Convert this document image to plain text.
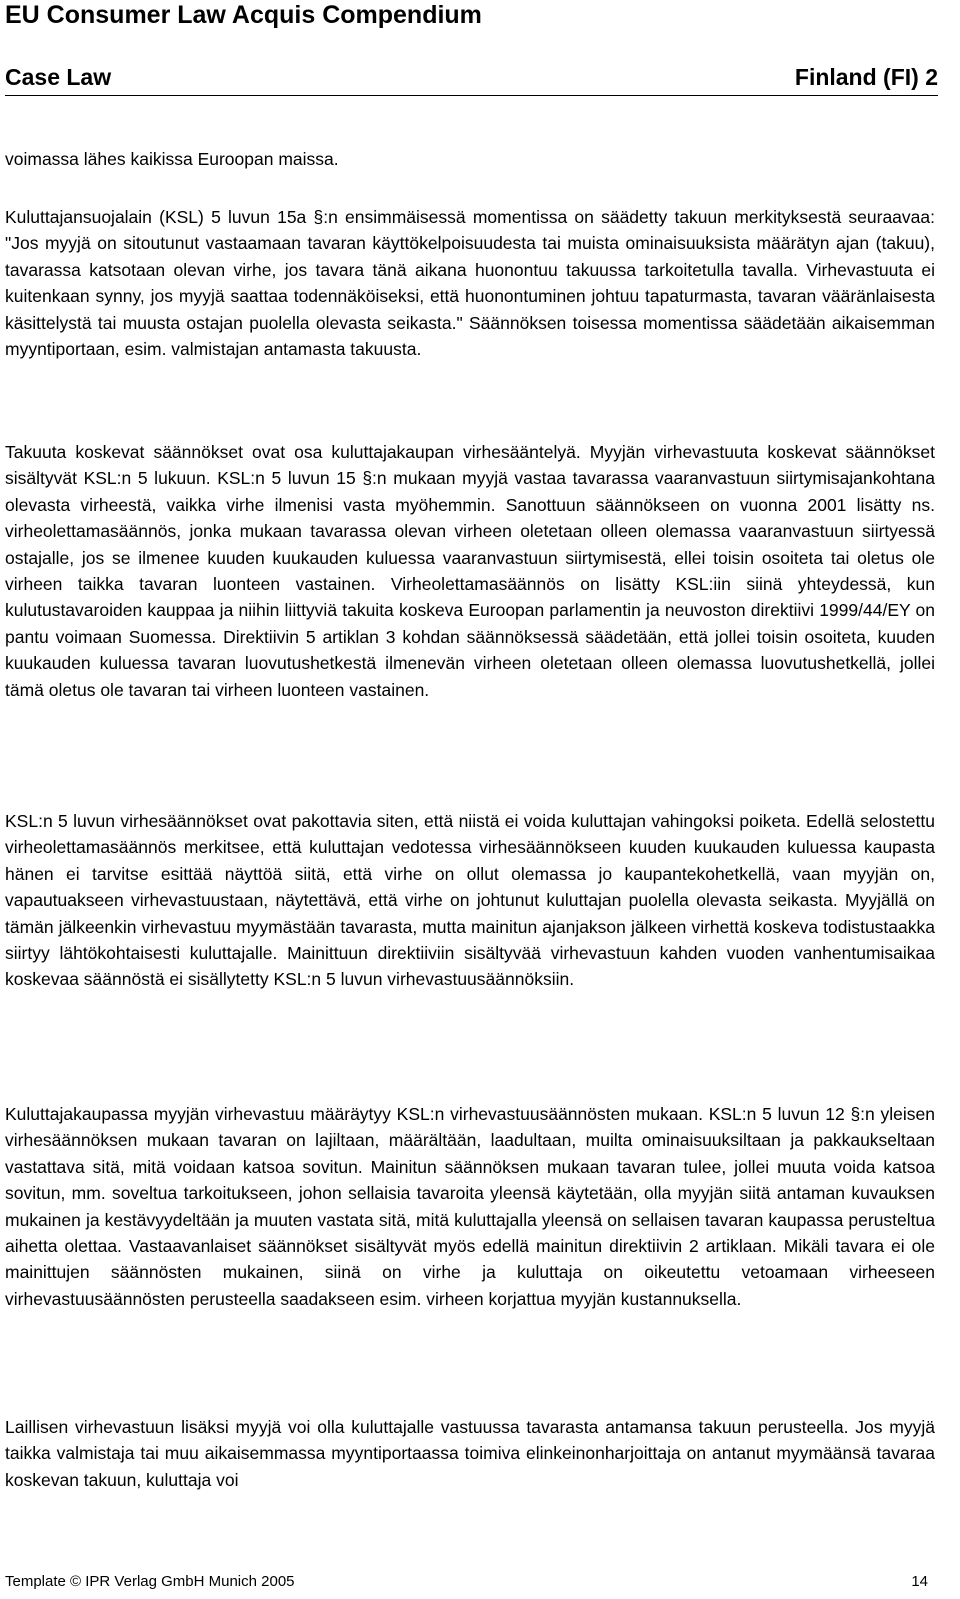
EU Consumer Law Acquis Compendium
Case Law	Finland (FI) 2

voimassa lähes kaikissa Euroopan maissa.

Kuluttajansuojalain (KSL) 5 luvun 15a §:n ensimmäisessä momentissa on säädetty takuun merkityksestä seuraavaa: "Jos myyjä on sitoutunut vastaamaan tavaran käyttökelpoisuudesta tai muista ominaisuuksista määrätyn ajan (takuu), tavarassa katsotaan olevan virhe, jos tavara tänä aikana huonontuu takuussa tarkoitetulla tavalla. Virhevastuuta ei kuitenkaan synny, jos myyjä saattaa todennäköiseksi, että huonontuminen johtuu tapaturmasta, tavaran vääränlaisesta käsittelystä tai muusta ostajan puolella olevasta seikasta." Säännöksen toisessa momentissa säädetään aikaisemman myyntiportaan, esim. valmistajan antamasta takuusta.

Takuuta koskevat säännökset ovat osa kuluttajakaupan virhesääntelyä. Myyjän virhevastuuta koskevat säännökset sisältyvät KSL:n 5 lukuun. KSL:n 5 luvun 15 §:n mukaan myyjä vastaa tavarassa vaaranvastuun siirtymisajankohtana olevasta virheestä, vaikka virhe ilmenisi vasta myöhemmin. Sanottuun säännökseen on vuonna 2001 lisätty ns. virheolettamasäännös, jonka mukaan tavarassa olevan virheen oletetaan olleen olemassa vaaranvastuun siirtyessä ostajalle, jos se ilmenee kuuden kuukauden kuluessa vaaranvastuun siirtymisestä, ellei toisin osoiteta tai oletus ole virheen taikka tavaran luonteen vastainen. Virheolettamasäännös on lisätty KSL:iin siinä yhteydessä, kun kulutustavaroiden kauppaa ja niihin liittyviä takuita koskeva Euroopan parlamentin ja neuvoston direktiivi 1999/44/EY on pantu voimaan Suomessa. Direktiivin 5 artiklan 3 kohdan säännöksessä säädetään, että jollei toisin osoiteta, kuuden kuukauden kuluessa tavaran luovutushetkestä ilmenevän virheen oletetaan olleen olemassa luovutushetkellä, jollei tämä oletus ole tavaran tai virheen luonteen vastainen.

KSL:n 5 luvun virhesäännökset ovat pakottavia siten, että niistä ei voida kuluttajan vahingoksi poiketa. Edellä selostettu virheolettamasäännös merkitsee, että kuluttajan vedotessa virhesäännökseen kuuden kuukauden kuluessa kaupasta hänen ei tarvitse esittää näyttöä siitä, että virhe on ollut olemassa jo kaupantekohetkellä, vaan myyjän on, vapautuakseen virhevastuustaan, näytettävä, että virhe on johtunut kuluttajan puolella olevasta seikasta. Myyjällä on tämän jälkeenkin virhevastuu myymästään tavarasta, mutta mainitun ajanjakson jälkeen virhettä koskeva todistustaakka siirtyy lähtökohtaisesti kuluttajalle. Mainittuun direktiiviin sisältyvää virhevastuun kahden vuoden vanhentumisaikaa koskevaa säännöstä ei sisällytetty KSL:n 5 luvun virhevastuusäännöksiin.

Kuluttajakaupassa myyjän virhevastuu määräytyy KSL:n virhevastuusäännösten mukaan. KSL:n 5 luvun 12 §:n yleisen virhesäännöksen mukaan tavaran on lajiltaan, määrältään, laadultaan, muilta ominaisuuksiltaan ja pakkaukseltaan vastattava sitä, mitä voidaan katsoa sovitun. Mainitun säännöksen mukaan tavaran tulee, jollei muuta voida katsoa sovitun, mm. soveltua tarkoitukseen, johon sellaisia tavaroita yleensä käytetään, olla myyjän siitä antaman kuvauksen mukainen ja kestävyydeltään ja muuten vastata sitä, mitä kuluttajalla yleensä on sellaisen tavaran kaupassa perusteltua aihetta olettaa. Vastaavanlaiset säännökset sisältyvät myös edellä mainitun direktiivin 2 artiklaan. Mikäli tavara ei ole mainittujen säännösten mukainen, siinä on virhe ja kuluttaja on oikeutettu vetoamaan virheeseen virhevastuusäännösten perusteella saadakseen esim. virheen korjattua myyjän kustannuksella.

Laillisen virhevastuun lisäksi myyjä voi olla kuluttajalle vastuussa tavarasta antamansa takuun perusteella. Jos myyjä taikka valmistaja tai muu aikaisemmassa myyntiportaassa toimiva elinkeinonharjoittaja on antanut myymäänsä tavaraa koskevan takuun, kuluttaja voi

Template © IPR Verlag GmbH Munich 2005	14
